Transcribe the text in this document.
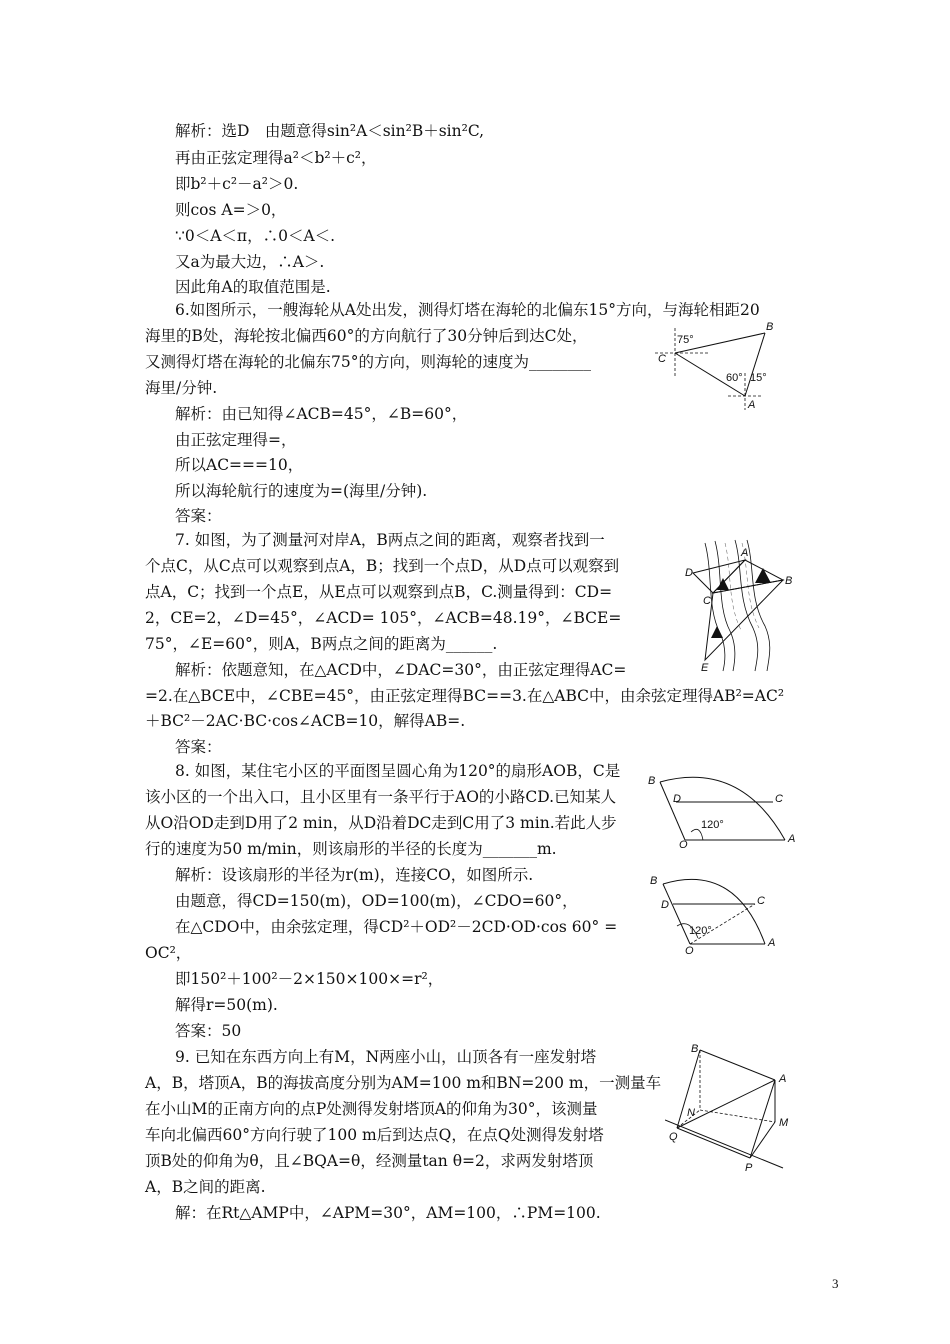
解析：选D　由题意得sin²A＜sin²B＋sin²C,
再由正弦定理得a²＜b²＋c²，
即b²＋c²－a²＞0.
则cos A=＞0，
∵0＜A＜π，∴0＜A＜.
又a为最大边，∴A＞.
因此角A的取值范围是.
6.如图所示，一艘海轮从A处出发，测得灯塔在海轮的北偏东15°方向，与海轮相距20
海里的B处，海轮按北偏西60°的方向航行了30分钟后到达C处，
又测得灯塔在海轮的北偏东75°的方向，则海轮的速度为________
海里/分钟.
解析：由已知得∠ACB=45°，∠B=60°，
由正弦定理得=，
所以AC===10，
所以海轮航行的速度为=(海里/分钟).
答案：
7. 如图，为了测量河对岸A，B两点之间的距离，观察者找到一
个点C，从C点可以观察到点A，B；找到一个点D，从D点可以观察到
点A，C；找到一个点E，从E点可以观察到点B，C.测量得到：CD=
2，CE=2，∠D=45°，∠ACD= 105°，∠ACB=48.19°，∠BCE=
75°，∠E=60°，则A，B两点之间的距离为______.
解析：依题意知，在△ACD中，∠DAC=30°，由正弦定理得AC=
=2.在△BCE中，∠CBE=45°，由正弦定理得BC==3.在△ABC中，由余弦定理得AB²=AC²
＋BC²－2AC·BC·cos∠ACB=10，解得AB=.
答案：
8. 如图，某住宅小区的平面图呈圆心角为120°的扇形AOB，C是
该小区的一个出入口，且小区里有一条平行于AO的小路CD.已知某人
从O沿OD走到D用了2 min，从D沿着DC走到C用了3 min.若此人步
行的速度为50 m/min，则该扇形的半径的长度为_______m.
解析：设该扇形的半径为r(m)，连接CO，如图所示.
由题意，得CD=150(m)，OD=100(m)，∠CDO=60°，
在△CDO中，由余弦定理，得CD²＋OD²－2CD·OD·cos 60° =
OC²，
即150²＋100²－2×150×100×=r²，
解得r=50(m).
答案：50
9. 已知在东西方向上有M，N两座小山，山顶各有一座发射塔
A，B，塔顶A，B的海拔高度分别为AM=100 m和BN=200 m，一测量车
在小山M的正南方向的点P处测得发射塔顶A的仰角为30°，该测量
车向北偏西60°方向行驶了100 m后到达点Q，在点Q处测得发射塔
顶B处的仰角为θ，且∠BQA=θ，经测量tan θ=2，求两发射塔顶
A，B之间的距离.
解：在Rt△AMP中，∠APM=30°，AM=100，∴PM=100.
C
B
A
75°
60° 15°
D
A
C
B
E
B
D	C
A
O
120°
B
D	C
A
O
120°
B
A
N
M
Q
P
3
